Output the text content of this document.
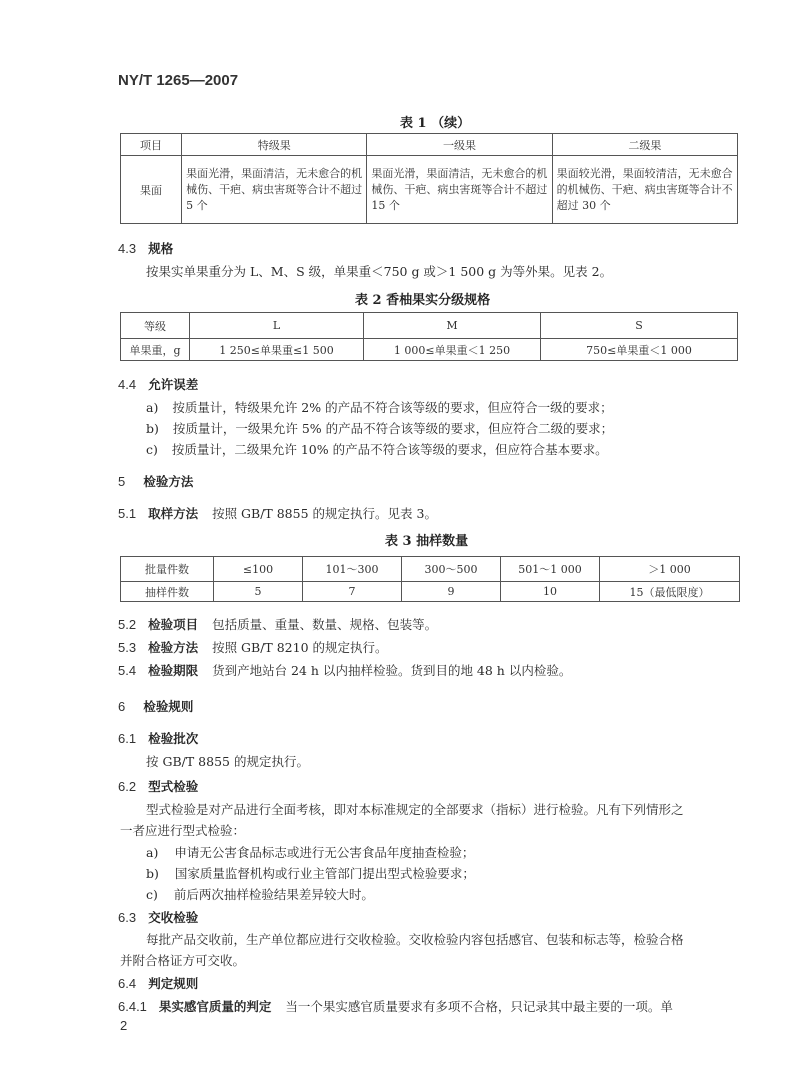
NY/T 1265—2007
表 1 （续）
项目	特级果	一级果	二级果
果面	果面光滑，果面清洁，无未愈合的机械伤、干疤、病虫害斑等合计不超过 5 个	果面光滑，果面清洁，无未愈合的机械伤、干疤、病虫害斑等合计不超过 15 个	果面较光滑，果面较清洁，无未愈合的机械伤、干疤、病虫害斑等合计不超过 30 个
4.3 规格
按果实单果重分为 L、M、S 级，单果重＜750 g 或＞1 500 g 为等外果。见表 2。
表 2 香柚果实分级规格
等级	L	M	S
单果重，g	1 250≤单果重≤1 500	1 000≤单果重＜1 250	750≤单果重＜1 000
4.4 允许误差
a) 按质量计，特级果允许 2% 的产品不符合该等级的要求，但应符合一级的要求；
b) 按质量计，一级果允许 5% 的产品不符合该等级的要求，但应符合二级的要求；
c) 按质量计，二级果允许 10% 的产品不符合该等级的要求，但应符合基本要求。
5 检验方法
5.1 取样方法 按照 GB/T 8855 的规定执行。见表 3。
表 3 抽样数量
批量件数	≤100	101～300	300～500	501～1 000	＞1 000
抽样件数	5	7	9	10	15（最低限度）
5.2 检验项目 包括质量、重量、数量、规格、包装等。
5.3 检验方法 按照 GB/T 8210 的规定执行。
5.4 检验期限 货到产地站台 24 h 以内抽样检验。货到目的地 48 h 以内检验。
6 检验规则
6.1 检验批次
按 GB/T 8855 的规定执行。
6.2 型式检验
型式检验是对产品进行全面考核，即对本标准规定的全部要求（指标）进行检验。凡有下列情形之
一者应进行型式检验：
a) 申请无公害食品标志或进行无公害食品年度抽查检验；
b) 国家质量监督机构或行业主管部门提出型式检验要求；
c) 前后两次抽样检验结果差异较大时。
6.3 交收检验
每批产品交收前，生产单位都应进行交收检验。交收检验内容包括感官、包装和标志等，检验合格
并附合格证方可交收。
6.4 判定规则
6.4.1 果实感官质量的判定 当一个果实感官质量要求有多项不合格，只记录其中最主要的一项。单
2
